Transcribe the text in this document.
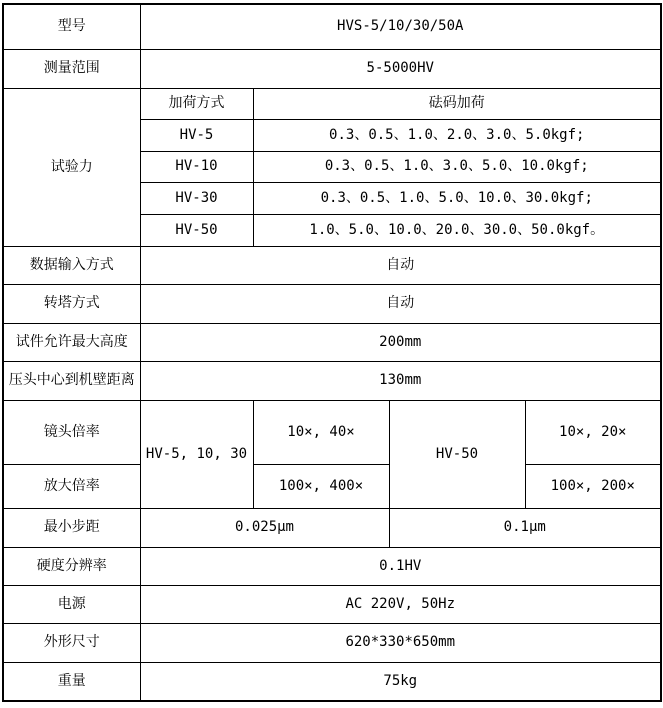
型号	HVS-5/10/30/50A			
测量范围	5-5000HV			
试验力	加荷方式	砝码加荷		
	HV-5	0.3、0.5、1.0、2.0、3.0、5.0kgf;		
	HV-10	0.3、0.5、1.0、3.0、5.0、10.0kgf;		
	HV-30	0.3、0.5、1.0、5.0、10.0、30.0kgf;		
	HV-50	1.0、5.0、10.0、20.0、30.0、50.0kgf。		
数据输入方式	自动			
转塔方式	自动			
试件允许最大高度	200mm			
压头中心到机壁距离	130mm			
镜头倍率	HV-5, 10, 30	10×, 40×	HV-50	10×, 20×
放大倍率		100×, 400×		100×, 200×
最小步距	0.025μm		0.1μm	
硬度分辨率	0.1HV			
电源	AC 220V, 50Hz			
外形尺寸	620*330*650mm			
重量	75kg			
